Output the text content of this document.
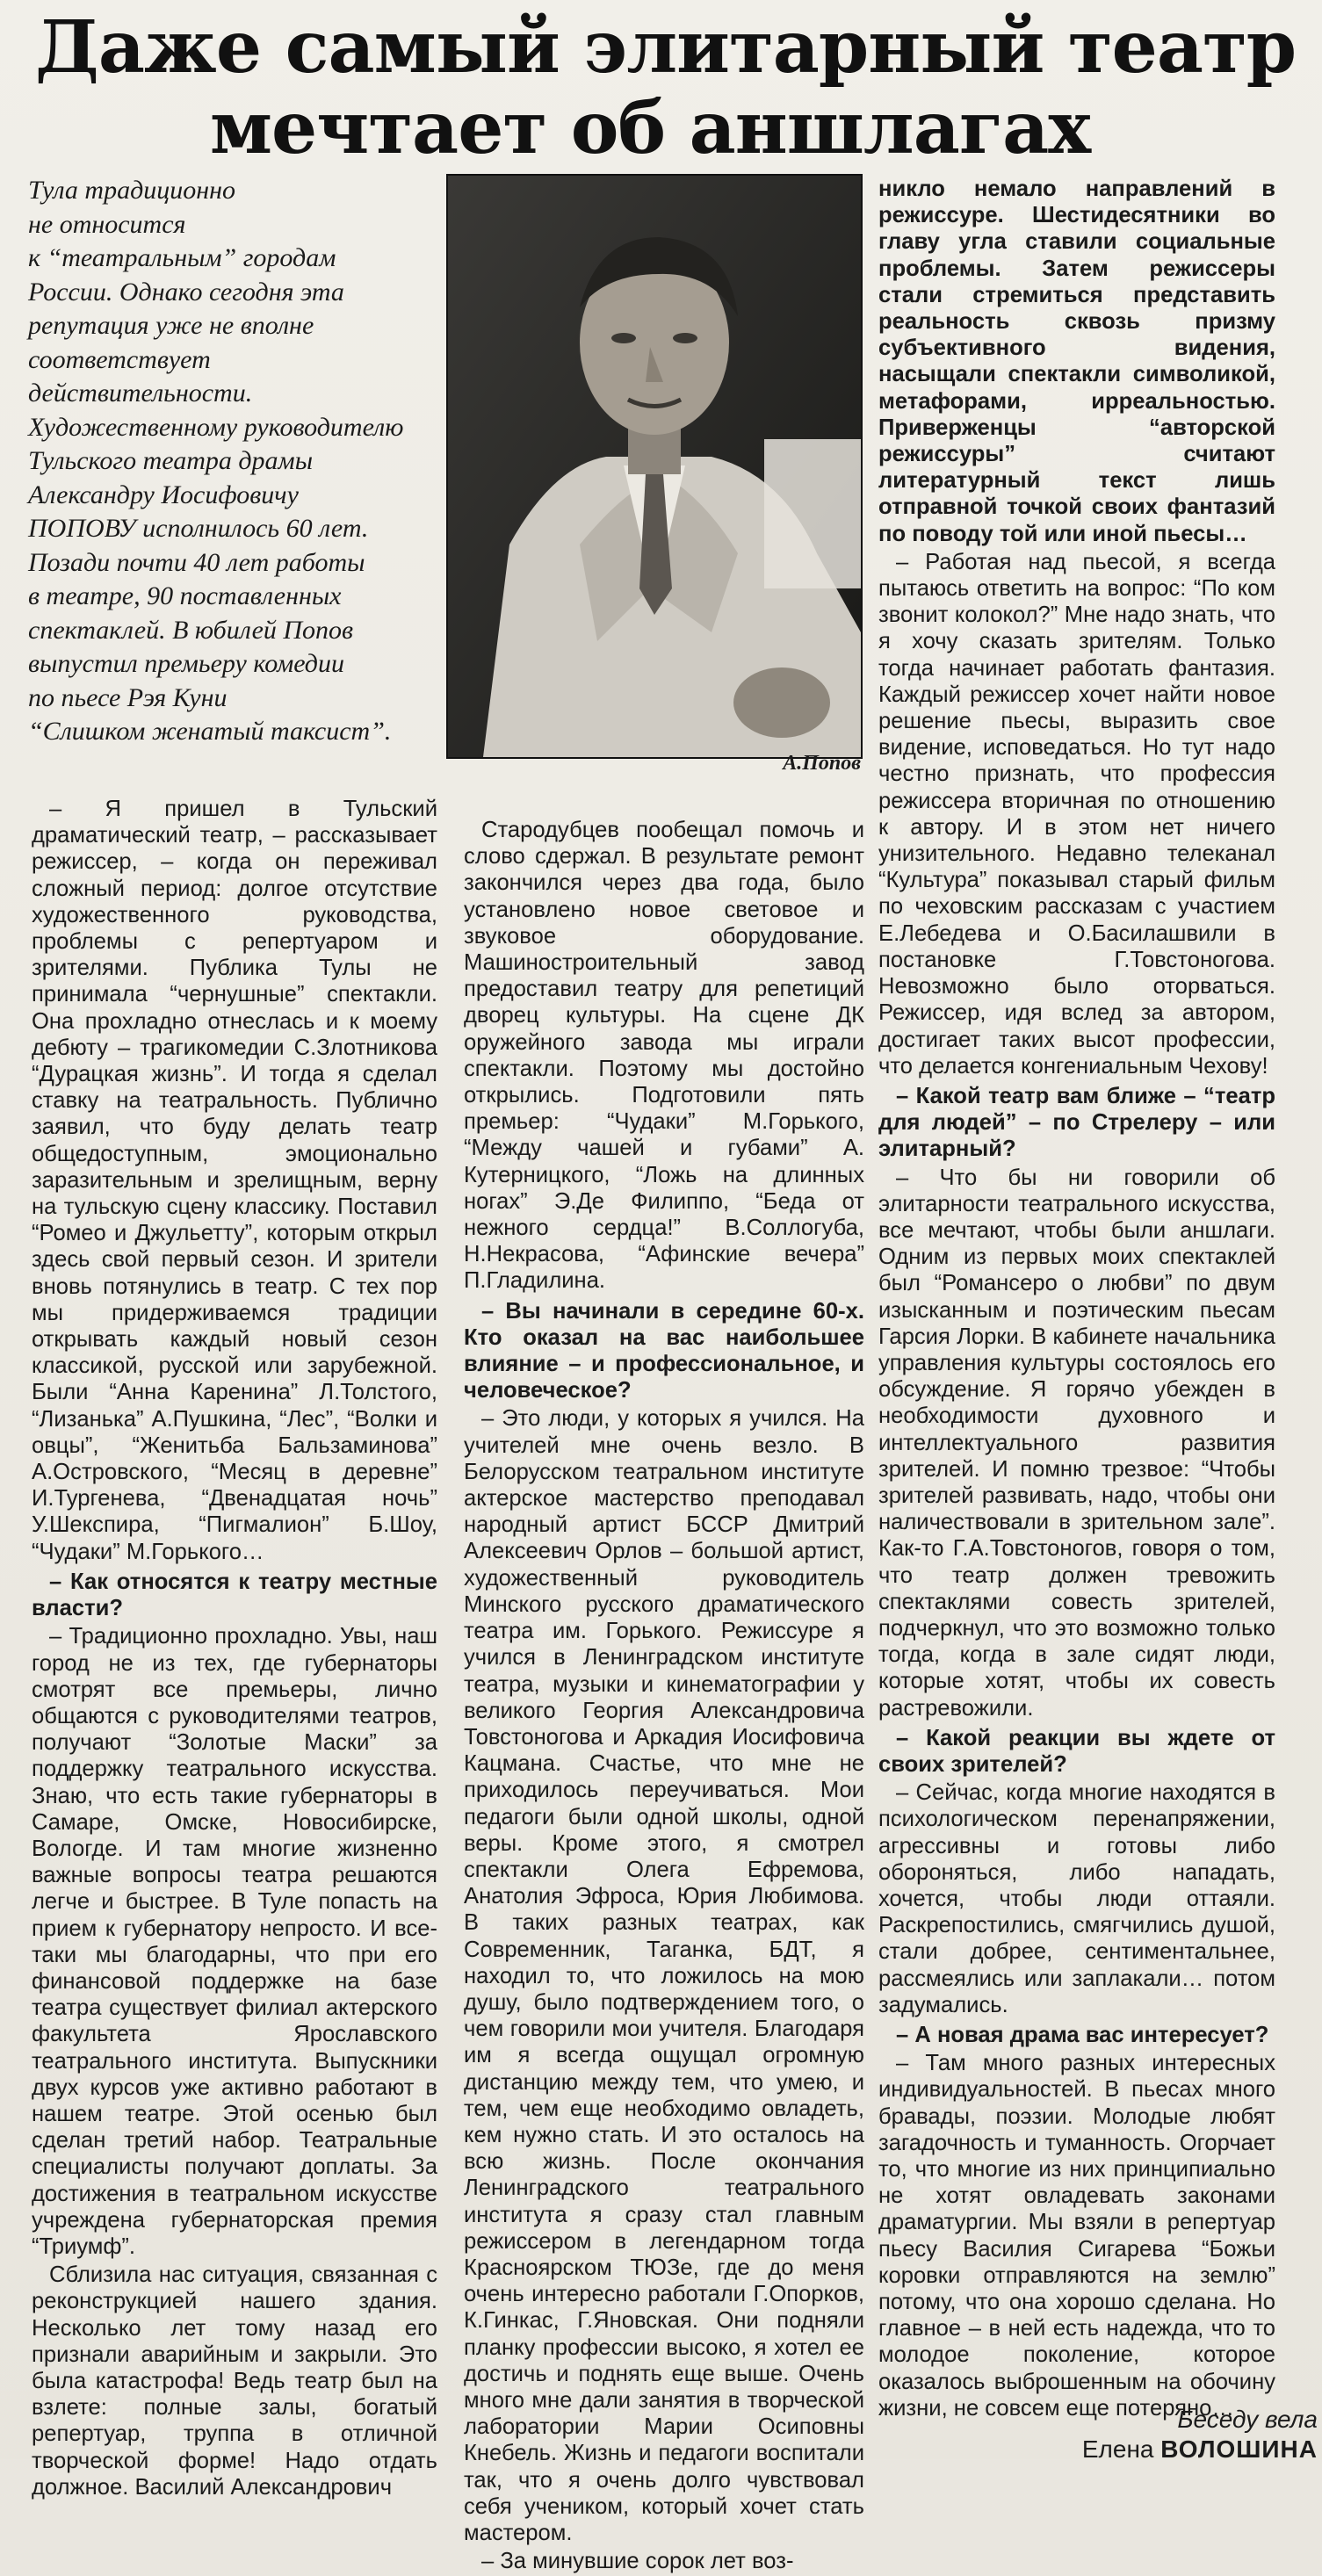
Даже самый элитарный театр
мечтает об аншлагах

Тула традиционно

не относится

к “театральным” городам

России. Однако сегодня эта

репутация уже не вполне

соответствует

действительности.

Художественному руководителю

Тульского театра драмы

Александру Иосифовичу

ПОПОВУ исполнилось 60 лет.

Позади почти 40 лет работы

в театре, 90 поставленных

спектаклей. В юбилей Попов

выпустил премьеру комедии

по пьесе Рэя Куни

“Слишком женатый таксист”.

А.Попов

– Я пришел в Тульский драматический театр, – рассказывает режиссер, – когда он переживал сложный период: долгое отсутствие художественного руководства, проблемы с репертуаром и зрителями. Публика Тулы не принимала “чернушные” спектакли. Она прохладно отнеслась и к моему дебюту – трагикомедии С.Злотникова “Дурацкая жизнь”. И тогда я сделал ставку на театральность. Публично заявил, что буду делать театр общедоступным, эмоционально заразительным и зрелищным, верну на тульскую сцену классику. Поставил “Ромео и Джульетту”, которым открыл здесь свой первый сезон. И зрители вновь потянулись в театр. С тех пор мы придерживаемся традиции открывать каждый новый сезон классикой, русской или зарубежной. Были “Анна Каренина” Л.Толстого, “Лизанька” А.Пушкина, “Лес”, “Волки и овцы”, “Женитьба Бальзаминова” А.Островского, “Месяц в деревне” И.Тургенева, “Двенадцатая ночь” У.Шекспира, “Пигмалион” Б.Шоу, “Чудаки” М.Горького…

– Как относятся к театру местные власти?

– Традиционно прохладно. Увы, наш город не из тех, где губернаторы смотрят все премьеры, лично общаются с руководителями театров, получают “Золотые Маски” за поддержку театрального искусства. Знаю, что есть такие губернаторы в Самаре, Омске, Новосибирске, Вологде. И там многие жизненно важные вопросы театра решаются легче и быстрее. В Туле попасть на прием к губернатору непросто. И все-таки мы благодарны, что при его финансовой поддержке на базе театра существует филиал актерского факультета Ярославского театрального института. Выпускники двух курсов уже активно работают в нашем театре. Этой осенью был сделан третий набор. Театральные специалисты получают доплаты. За достижения в театральном искусстве учреждена губернаторская премия “Триумф”.

Сблизила нас ситуация, связанная с реконструкцией нашего здания. Несколько лет тому назад его признали аварийным и закрыли. Это была катастрофа! Ведь театр был на взлете: полные залы, богатый репертуар, труппа в отличной творческой форме! Надо отдать должное. Василий Александрович

Стародубцев пообещал помочь и слово сдержал. В результате ремонт закончился через два года, было установлено новое световое и звуковое оборудование. Машиностроительный завод предоставил театру для репетиций дворец культуры. На сцене ДК оружейного завода мы играли спектакли. Поэтому мы достойно открылись. Подготовили пять премьер: “Чудаки” М.Горького, “Между чашей и губами” А. Кутерницкого, “Ложь на длинных ногах” Э.Де Филиппо, “Беда от нежного сердца!” В.Соллогуба, Н.Некрасова, “Афинские вечера” П.Гладилина.

– Вы начинали в середине 60-х. Кто оказал на вас наибольшее влияние – и профессиональное, и человеческое?

– Это люди, у которых я учился. На учителей мне очень везло. В Белорусском театральном институте актерское мастерство преподавал народный артист БССР Дмитрий Алексеевич Орлов – большой артист, художественный руководитель Минского русского драматического театра им. Горького. Режиссуре я учился в Ленинградском институте театра, музыки и кинематографии у великого Георгия Александровича Товстоногова и Аркадия Иосифовича Кацмана. Счастье, что мне не приходилось переучиваться. Мои педагоги были одной школы, одной веры. Кроме этого, я смотрел спектакли Олега Ефремова, Анатолия Эфроса, Юрия Любимова. В таких разных театрах, как Современник, Таганка, БДТ, я находил то, что ложилось на мою душу, было подтверждением того, о чем говорили мои учителя. Благодаря им я всегда ощущал огромную дистанцию между тем, что умею, и тем, чем еще необходимо овладеть, кем нужно стать. И это осталось на всю жизнь. После окончания Ленинградского театрального института я сразу стал главным режиссером в легендарном тогда Красноярском ТЮЗе, где до меня очень интересно работали Г.Опорков, К.Гинкас, Г.Яновская. Они подняли планку профессии высоко, я хотел ее достичь и поднять еще выше. Очень много мне дали занятия в творческой лаборатории Марии Осиповны Кнебель. Жизнь и педагоги воспитали так, что я очень долго чувствовал себя учеником, который хочет стать мастером.

– За минувшие сорок лет воз-

никло немало направлений в режиссуре. Шестидесятники во главу угла ставили социальные проблемы. Затем режиссеры стали стремиться представить реальность сквозь призму субъективного видения, насыщали спектакли символикой, метафорами, ирреальностью. Приверженцы “авторской режиссуры” считают литературный текст лишь отправной точкой своих фантазий по поводу той или иной пьесы…

– Работая над пьесой, я всегда пытаюсь ответить на вопрос: “По ком звонит колокол?” Мне надо знать, что я хочу сказать зрителям. Только тогда начинает работать фантазия. Каждый режиссер хочет найти новое решение пьесы, выразить свое видение, исповедаться. Но тут надо честно признать, что профессия режиссера вторичная по отношению к автору. И в этом нет ничего унизительного. Недавно телеканал “Культура” показывал старый фильм по чеховским рассказам с участием Е.Лебедева и О.Басилашвили в постановке Г.Товстоногова. Невозможно было оторваться. Режиссер, идя вслед за автором, достигает таких высот профессии, что делается конгениальным Чехову!

– Какой театр вам ближе – “театр для людей” – по Стрелеру – или элитарный?

– Что бы ни говорили об элитарности театрального искусства, все мечтают, чтобы были аншлаги. Одним из первых моих спектаклей был “Романсеро о любви” по двум изысканным и поэтическим пьесам Гарсия Лорки. В кабинете начальника управления культуры состоялось его обсуждение. Я горячо убежден в необходимости духовного и интеллектуального развития зрителей. И помню трезвое: “Чтобы зрителей развивать, надо, чтобы они наличествовали в зрительном зале”. Как-то Г.А.Товстоногов, говоря о том, что театр должен тревожить спектаклями совесть зрителей, подчеркнул, что это возможно только тогда, когда в зале сидят люди, которые хотят, чтобы их совесть растревожили.

– Какой реакции вы ждете от своих зрителей?

– Сейчас, когда многие находятся в психологическом перенапряжении, агрессивны и готовы либо обороняться, либо нападать, хочется, чтобы люди оттаяли. Раскрепостились, смягчились душой, стали добрее, сентиментальнее, рассмеялись или заплакали… потом задумались.

– А новая драма вас интересует?

– Там много разных интересных индивидуальностей. В пьесах много бравады, поэзии. Молодые любят загадочность и туманность. Огорчает то, что многие из них принципиально не хотят овладевать законами драматургии. Мы взяли в репертуар пьесу Василия Сигарева “Божьи коровки отправляются на землю” потому, что она хорошо сделана. Но главное – в ней есть надежда, что то молодое поколение, которое оказалось выброшенным на обочину жизни, не совсем еще потеряно…

Беседу вела
Елена ВОЛОШИНА
